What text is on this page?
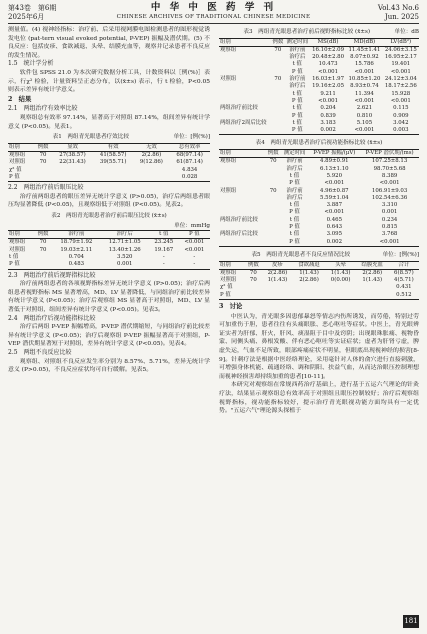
第43卷　第6期
2025年6月
中 华 中 医 药 学 刊
CHINESE ARCHIVES OF TRADITIONAL CHINESE MEDICINE
Vol.43 No.6
Jun. 2025

测量值。(4) 视神经指标：治疗前、后采用视网膜电图检测患者的图形视觉诱发电位 (pat-tern visual evoked potential, P-VEP) 振幅及潜伏期。(5) 不良反应：包括皮疹、食欲减退、头晕、结膜充血等，观察并记录患者不良反应的发生情况。

1.5　统计学分析

软件包 SPSS 21.0 为本次研究数据分析工具，计数资料以［例(%)］表示，行χ² 检验，计量资料呈正态分布，以(x̄±s) 表示，行 t 检验，P<0.05 则表示差异有统计学意义。

2　结果
2.1　两组治疗有效率比较

观察组总有效率 97.14%，显著高于对照组 87.14%，组间差异有统计学意义 (P<0.05)。见表1。

表1　两组青光眼患者疗效比较	单位：[例(%)]
组别	例数	显效	有效	无效	总有效率
观察组	70	27(38.57)	41(58.57)	2(2.86)	68(97.14)
对照组	70	22(31.43)	39(55.71)	9(12.86)	61(87.14)
χ² 值					4.834
P 值					0.028
2.2　两组治疗前后眼压比较

治疗前两组患者的眼压差异无统计学意义 (P>0.05)，治疗后两组患者眼压均显著降低 (P<0.05)，且观察组低于对照组 (P<0.05)。见表2。

表2　两组青光眼患者治疗前后眼压比较 (x̄±s)
单位：mmHg
组别	例数	治疗前	治疗后	t 值	P 值
观察组	70	18.79±1.92	12.71±1.05	23.245	<0.001
对照组	70	19.03±2.11	13.40±1.26	19.167	<0.001
t 值		0.704	3.520	-	-
P 值		0.483	0.001	-	-
2.3　两组治疗前后视野指标比较

治疗前两组患者的各项视野指标差异无统计学意义 (P>0.05)；治疗后两组患者视野指标 MS 显著增高，MD、LV 显著降低，与同组治疗前比较差异有统计学意义 (P<0.05)；治疗后观察组 MS 显著高于对照组，MD、LV 显著低于对照组，组间差异有统计学意义 (P<0.05)。见表3。

2.4　两组治疗后视功能指标比较

治疗后两组 P-VEP 振幅增高，P-VEP 潜伏期缩短，与同组治疗前比较差异有统计学意义 (P<0.05)；治疗后观察组 P-VEP 振幅显著高于对照组，P-VEP 潜伏期显著短于对照组，差异有统计学意义 (P<0.05)。见表4。

2.5　两组不良反应比较

观察组、对照组不良反应发生率分别为 8.57%、5.71%，差异无统计学意义 (P>0.05)，不良反应症状均可自行缓解。见表5。

表3　两组青光眼患者治疗前后视野指标比较 (x̄±s)	单位：dB
组别	例数	测定时间	MS(dB)	MD(dB)	LV(dB²)
观察组	70	治疗前	16.10±2.09	11.45±1.41	24.06±3.15
		治疗后	20.48±2.80	8.07±0.92	16.95±2.17
		t 值	10.473	15.786	19.401
		P 值	<0.001	<0.001	<0.001
对照组	70	治疗前	16.03±1.97	10.85±1.20	24.12±3.04
		治疗后	19.16±2.05	8.93±0.74	18.17±2.56
		t 值	9.211	11.394	15.928
		P 值	<0.001	<0.001	<0.001
两组治疗前比较		t 值	0.204	2.621	0.115
		P 值	0.839	0.810	0.909
两组治疗2周后比较		t 值	3.183	5.105	3.042
		P 值	0.002	<0.001	0.003
表4　两组青光眼患者治疗后视功能指标比较 (x̄±s)
组别	例数	测定时间	P-VEP 振幅/(μV)	P-VEP 潜伏期/(ms)
观察组	70	治疗前	4.89±0.91	107.25±8.13
		治疗后	6.13±1.10	98.70±5.68
		t 值	5.920	8.389
		P 值	<0.001	<0.001
对照组	70	治疗前	4.96±0.87	106.91±9.03
		治疗后	5.59±1.04	102.54±6.36
		t 值	3.887	3.310
		P 值	<0.001	0.001
两组治疗前比较		t 值	0.465	0.234
		P 值	0.643	0.815
两组治疗后比较		t 值	3.095	3.768
		P 值	0.002	<0.001
表5　两组青光眼患者不良反应情况比较	单位：[例(%)]
组别	例数	皮疹	食欲减退	头晕	结膜充血	合计
观察组	70	2(2.86)	1(1.43)	1(1.43)	2(2.86)	6(8.57)
对照组	70	1(1.43)	2(2.86)	0(0.00)	1(1.43)	4(5.71)
χ² 值						0.431
P 值						0.512
3　讨论

中医认为，青光眼多因患郁暴怒等情志内伤所诱发，而劳倦，特别过劳可加重伤于胆，患者往往有头痛眼胀、恶心呕吐等症状。中医上，青光眼辨证实者为肝郁、肝火，肝风、痰湿阻于目中及窍阴；出现眼珠胀痛、视物昏蒙、同侧头痛、鼻根发酸、伴有恶心呕吐等实证症状；虚者为肝肾亏虚，脾虚失运，气血不足所致，眼部疼痛症状不明显，但眼底出现视神经的损害[8-9]。针刺疗法是根据中医经络理论，采用毫针对人体的俞穴进行直接刺激，可增强身体机能、疏通经络、调和阴阳、扶益气血，从而达治眼压控制理想而视神经损害却持续加重的患者[10-11]。

本研究对观察组在常规西药治疗基础上，进行基于五运六气理论的针灸疗法，结果显示观察组总有效率高于对照组且眼压控制较好；治疗后观察组视野指标，视功能指标较好，提示治疗青光眼视功能方面均具有一定优势。"五运六气"理论源头探植于

181
